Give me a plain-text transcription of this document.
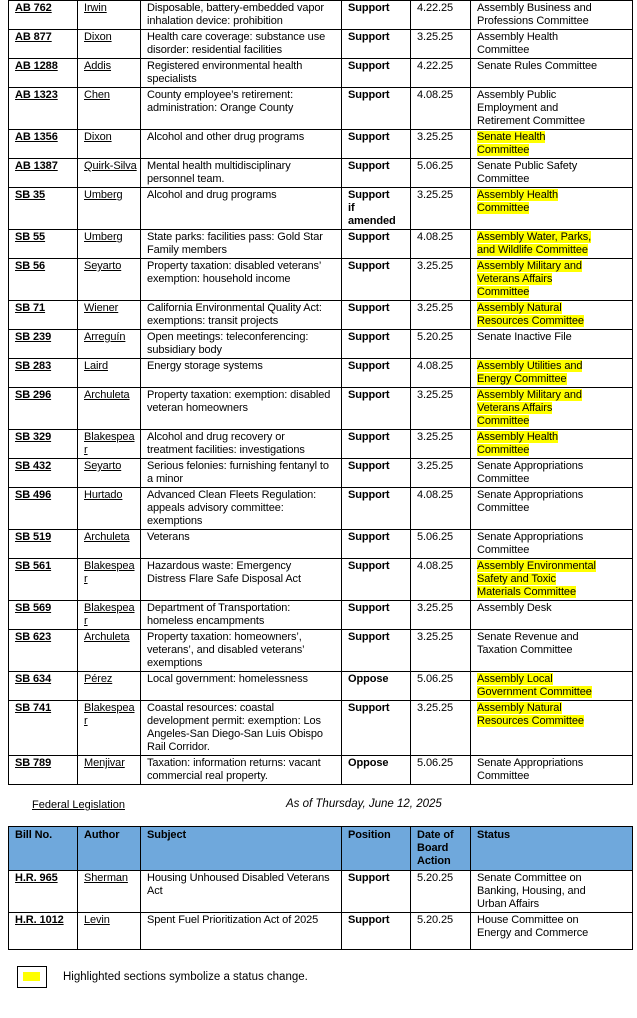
AB 762	Irwin	Disposable, battery-embedded vapor inhalation device: prohibition	Support	4.22.25	Assembly Business and Professions Committee
AB 877	Dixon	Health care coverage: substance use disorder: residential facilities	Support	3.25.25	Assembly Health Committee
AB 1288	Addis	Registered environmental health specialists	Support	4.22.25	Senate Rules Committee
AB 1323	Chen	County employee’s retirement: administration: Orange County	Support	4.08.25	Assembly Public Employment and Retirement Committee
AB 1356	Dixon	Alcohol and other drug programs	Support	3.25.25	Senate Health Committee
AB 1387	Quirk-Silva	Mental health multidisciplinary personnel team.	Support	5.06.25	Senate Public Safety Committee
SB 35	Umberg	Alcohol and drug programs	Support if amended	3.25.25	Assembly Health Committee
SB 55	Umberg	State parks: facilities pass: Gold Star Family members	Support	4.08.25	Assembly Water, Parks, and Wildlife Committee
SB 56	Seyarto	Property taxation: disabled veterans’ exemption: household income	Support	3.25.25	Assembly Military and Veterans Affairs Committee
SB 71	Wiener	California Environmental Quality Act: exemptions: transit projects	Support	3.25.25	Assembly Natural Resources Committee
SB 239	Arreguín	Open meetings: teleconferencing: subsidiary body	Support	5.20.25	Senate Inactive File
SB 283	Laird	Energy storage systems	Support	4.08.25	Assembly Utilities and Energy Committee
SB 296	Archuleta	Property taxation: exemption: disabled veteran homeowners	Support	3.25.25	Assembly Military and Veterans Affairs Committee
SB 329	Blakespear	Alcohol and drug recovery or treatment facilities: investigations	Support	3.25.25	Assembly Health Committee
SB 432	Seyarto	Serious felonies: furnishing fentanyl to a minor	Support	3.25.25	Senate Appropriations Committee
SB 496	Hurtado	Advanced Clean Fleets Regulation: appeals advisory committee: exemptions	Support	4.08.25	Senate Appropriations Committee
SB 519	Archuleta	Veterans	Support	5.06.25	Senate Appropriations Committee
SB 561	Blakespear	Hazardous waste: Emergency Distress Flare Safe Disposal Act	Support	4.08.25	Assembly Environmental Safety and Toxic Materials Committee
SB 569	Blakespear	Department of Transportation: homeless encampments	Support	3.25.25	Assembly Desk
SB 623	Archuleta	Property taxation: homeowners’, veterans’, and disabled veterans’ exemptions	Support	3.25.25	Senate Revenue and Taxation Committee
SB 634	Pérez	Local government: homelessness	Oppose	5.06.25	Assembly Local Government Committee
SB 741	Blakespear	Coastal resources: coastal development permit: exemption: Los Angeles-San Diego-San Luis Obispo Rail Corridor.	Support	3.25.25	Assembly Natural Resources Committee
SB 789	Menjivar	Taxation: information returns: vacant commercial real property.	Oppose	5.06.25	Senate Appropriations Committee
Federal Legislation	As of Thursday, June 12, 2025
Bill No.	Author	Subject	Position	Date of Board Action	Status
H.R. 965	Sherman	Housing Unhoused Disabled Veterans Act	Support	5.20.25	Senate Committee on Banking, Housing, and Urban Affairs
H.R. 1012	Levin	Spent Fuel Prioritization Act of 2025	Support	5.20.25	House Committee on Energy and Commerce
Highlighted sections symbolize a status change.
